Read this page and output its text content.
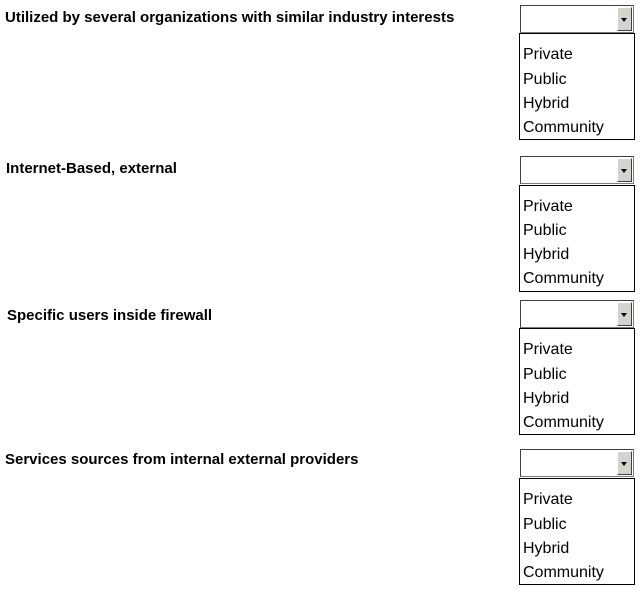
Utilized by several organizations with similar industry interests
Private
Public
Hybrid
Community
Internet-Based, external
Private
Public
Hybrid
Community
Specific users inside firewall
Private
Public
Hybrid
Community
Services sources from internal external providers
Private
Public
Hybrid
Community
